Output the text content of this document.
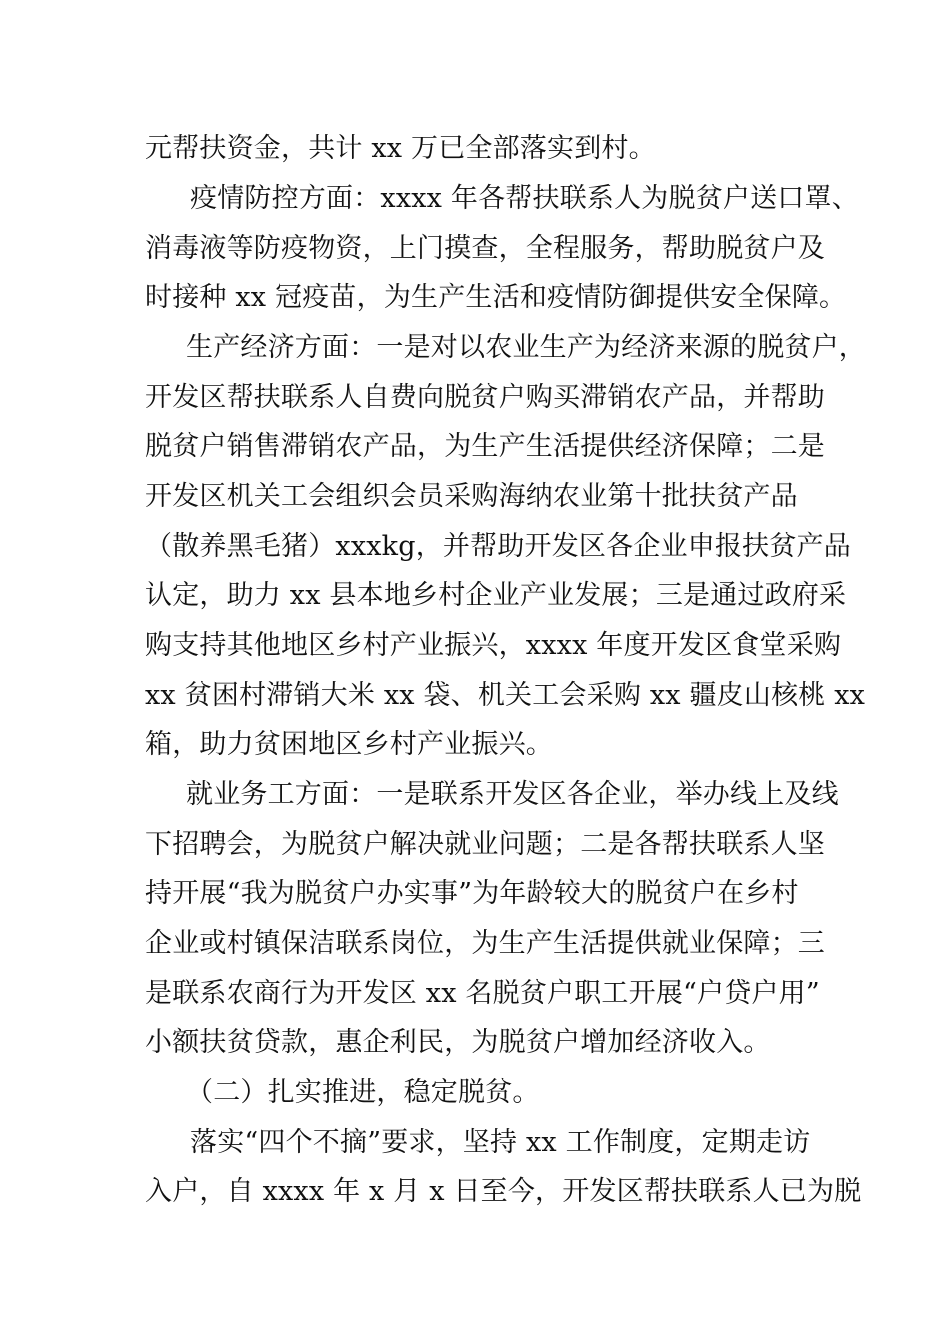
元帮扶资金，共计 xx 万已全部落实到村。

疫情防控方面：xxxx 年各帮扶联系人为脱贫户送口罩、

消毒液等防疫物资，上门摸查，全程服务，帮助脱贫户及

时接种 xx 冠疫苗，为生产生活和疫情防御提供安全保障。

生产经济方面：一是对以农业生产为经济来源的脱贫户，

开发区帮扶联系人自费向脱贫户购买滞销农产品，并帮助

脱贫户销售滞销农产品，为生产生活提供经济保障；二是

开发区机关工会组织会员采购海纳农业第十批扶贫产品

（散养黑毛猪）xxxkg，并帮助开发区各企业申报扶贫产品

认定，助力 xx 县本地乡村企业产业发展；三是通过政府采

购支持其他地区乡村产业振兴，xxxx 年度开发区食堂采购

xx 贫困村滞销大米 xx 袋、机关工会采购 xx 疆皮山核桃 xx

箱，助力贫困地区乡村产业振兴。

就业务工方面：一是联系开发区各企业，举办线上及线

下招聘会，为脱贫户解决就业问题；二是各帮扶联系人坚

持开展“我为脱贫户办实事”为年龄较大的脱贫户在乡村

企业或村镇保洁联系岗位，为生产生活提供就业保障；三

是联系农商行为开发区 xx 名脱贫户职工开展“户贷户用”

小额扶贫贷款，惠企利民，为脱贫户增加经济收入。

（二）扎实推进，稳定脱贫。

落实“四个不摘”要求，坚持 xx 工作制度，定期走访

入户，自 xxxx 年 x 月 x 日至今，开发区帮扶联系人已为脱
